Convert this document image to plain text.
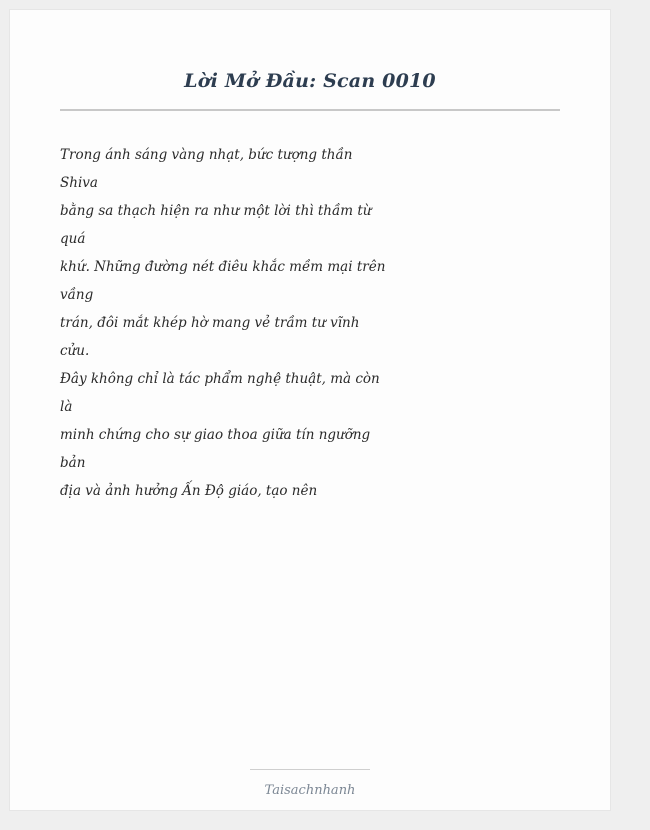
Lời Mở Đầu: Scan 0010
Trong ánh sáng vàng nhạt, bức tượng thần
Shiva
bằng sa thạch hiện ra như một lời thì thầm từ
quá
khứ. Những đường nét điêu khắc mềm mại trên
vầng
trán, đôi mắt khép hờ mang vẻ trầm tư vĩnh
cửu.
Đây không chỉ là tác phẩm nghệ thuật, mà còn
là
minh chứng cho sự giao thoa giữa tín ngưỡng
bản
địa và ảnh hưởng Ấn Độ giáo, tạo nên
Taisachnhanh
